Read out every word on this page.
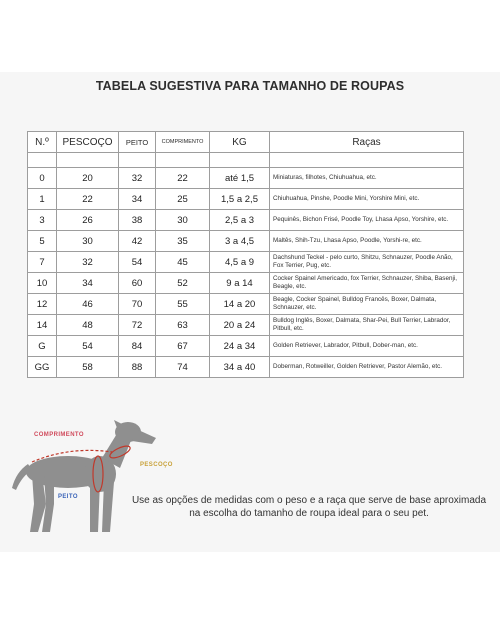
TABELA SUGESTIVA PARA TAMANHO DE ROUPAS
N.º	PESCOÇO	PEITO	COMPRIMENTO	KG	Raças

0	20	32	22	até 1,5	Miniaturas, filhotes, Chiuhuahua, etc.
1	22	34	25	1,5 a 2,5	Chiuhuahua, Pinshe, Poodle Mini, Yorshire Mini, etc.
3	26	38	30	2,5 a 3	Pequinês, Bichon Frisé, Poodle Toy, Lhasa Apso, Yorshire, etc.
5	30	42	35	3 a 4,5	Maltês, Shih-Tzu, Lhasa Apso, Poodle, Yorshi-re, etc.
7	32	54	45	4,5 a 9	Dachshund Teckel - pelo curto, Shitzu, Schnauzer, Poodle Anão, Fox Terrier, Pug, etc.
10	34	60	52	9 a 14	Cocker Spainel Americado, fox Terrier, Schnauzer, Shiba, Basenji, Beagle, etc.
12	46	70	55	14 a 20	Beagle, Cocker Spainel, Bulldog Francês, Boxer, Dalmata, Schnauzer, etc.
14	48	72	63	20 a 24	Bulldog Inglês, Boxer, Dalmata, Shar-Pei, Bull Terrier, Labrador, Pitbull, etc.
G	54	84	67	24 a 34	Golden Retriever, Labrador, Pitbull, Dober-man, etc.
GG	58	88	74	34 a 40	Doberman, Rotweiller, Golden Retriever, Pastor Alemão, etc.
COMPRIMENTO
PESCOÇO
PEITO	Use as opções de medidas com o peso e a raça que serve de base aproximada na escolha do tamanho de roupa ideal para o seu pet.
